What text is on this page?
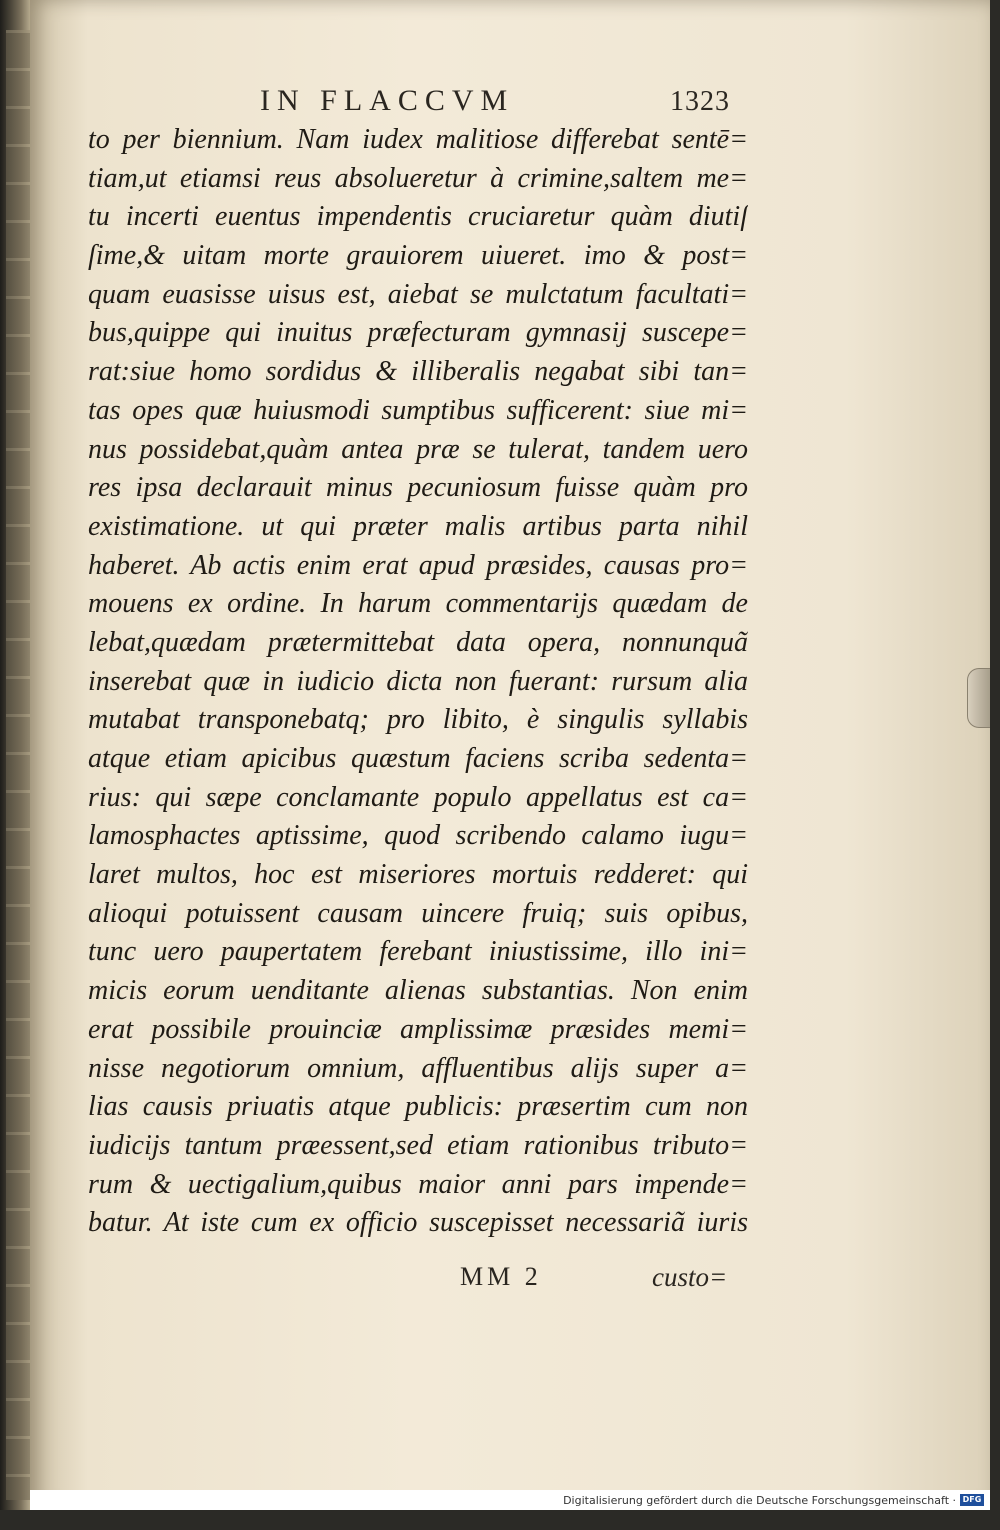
IN FLACCVM	1323
to per biennium. Nam iudex malitiose differebat sentē=
tiam,ut etiamsi reus absolueretur à crimine,saltem me=
tu incerti euentus impendentis cruciaretur quàm diutiſ
ſime,& uitam morte grauiorem uiueret. imo & post=
quam euasisse uisus est, aiebat se mulctatum facultati=
bus,quippe qui inuitus præfecturam gymnasij suscepe=
rat:siue homo sordidus & illiberalis negabat sibi tan=
tas opes quæ huiusmodi sumptibus sufficerent: siue mi=
nus possidebat,quàm antea præ se tulerat, tandem uero
res ipsa declarauit minus pecuniosum fuisse quàm pro
existimatione. ut qui præter malis artibus parta nihil
haberet. Ab actis enim erat apud præsides, causas pro=
mouens ex ordine. In harum commentarijs quædam de
lebat,quædam prætermittebat data opera, nonnunquã
inserebat quæ in iudicio dicta non fuerant: rursum alia
mutabat transponebatq; pro libito, è singulis syllabis
atque etiam apicibus quæstum faciens scriba sedenta=
rius: qui sæpe conclamante populo appellatus est ca=
lamosphactes aptissime, quod scribendo calamo iugu=
laret multos, hoc est miseriores mortuis redderet: qui
alioqui potuissent causam uincere fruiq; suis opibus,
tunc uero paupertatem ferebant iniustissime, illo ini=
micis eorum uenditante alienas substantias. Non enim
erat possibile prouinciæ amplissimæ præsides memi=
nisse negotiorum omnium, affluentibus alijs super a=
lias causis priuatis atque publicis: præsertim cum non
iudicijs tantum præessent,sed etiam rationibus tributo=
rum & uectigalium,quibus maior anni pars impende=
batur. At iste cum ex officio suscepisset necessariã iuris
MM 2	custo=
Digitalisierung gefördert durch die Deutsche Forschungsgemeinschaft · DFG
